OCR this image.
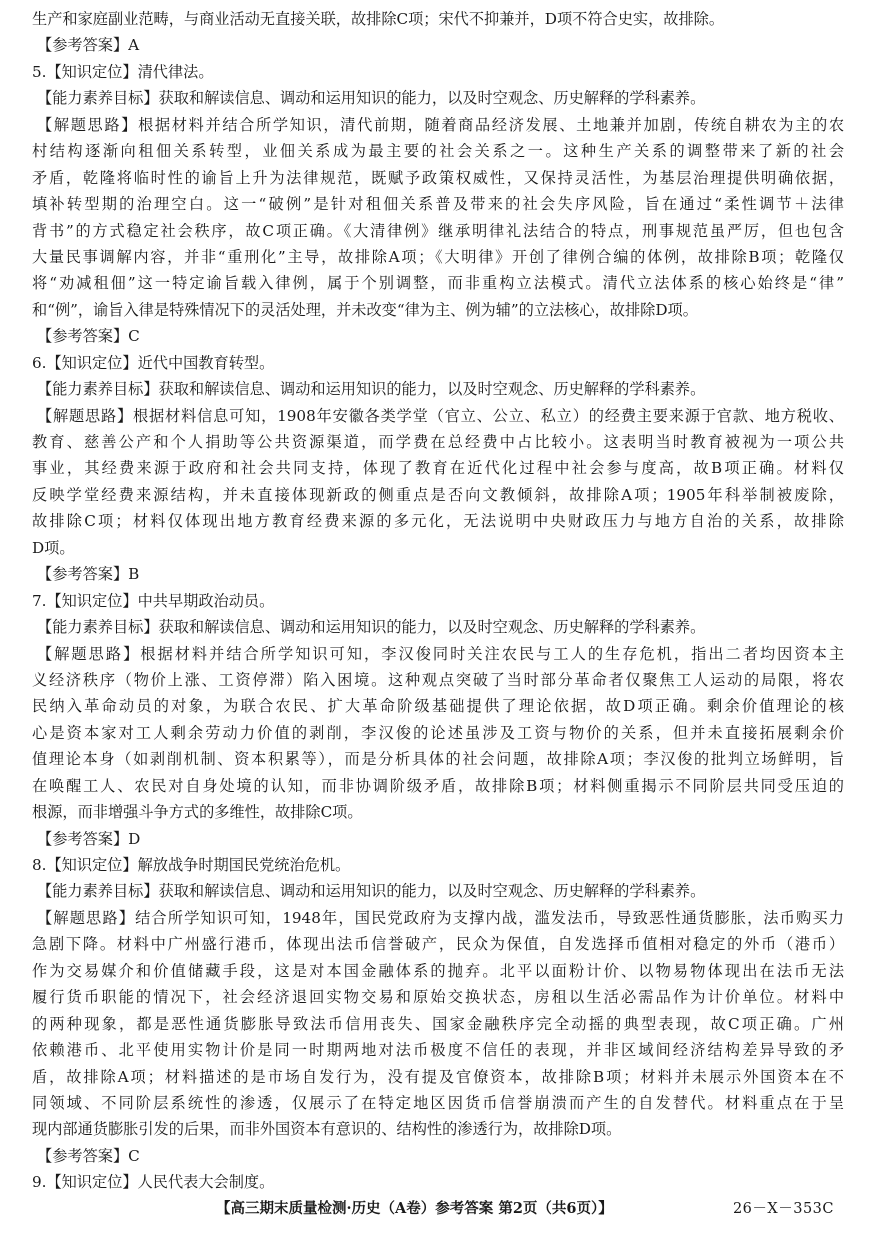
生产和家庭副业范畴，与商业活动无直接关联，故排除C项；宋代不抑兼并，D项不符合史实，故排除。
【参考答案】A
5.【知识定位】清代律法。
【能力素养目标】获取和解读信息、调动和运用知识的能力，以及时空观念、历史解释的学科素养。
【解题思路】根据材料并结合所学知识，清代前期，随着商品经济发展、土地兼并加剧，传统自耕农为主的农
村结构逐渐向租佃关系转型，业佃关系成为最主要的社会关系之一。这种生产关系的调整带来了新的社会
矛盾，乾隆将临时性的谕旨上升为法律规范，既赋予政策权威性，又保持灵活性，为基层治理提供明确依据，
填补转型期的治理空白。这一“破例”是针对租佃关系普及带来的社会失序风险，旨在通过“柔性调节＋法律
背书”的方式稳定社会秩序，故C项正确。《大清律例》继承明律礼法结合的特点，刑事规范虽严厉，但也包含
大量民事调解内容，并非“重刑化”主导，故排除A项；《大明律》开创了律例合编的体例，故排除B项；乾隆仅
将“劝减租佃”这一特定谕旨载入律例，属于个别调整，而非重构立法模式。清代立法体系的核心始终是“律”
和“例”，谕旨入律是特殊情况下的灵活处理，并未改变“律为主、例为辅”的立法核心，故排除D项。
【参考答案】C
6.【知识定位】近代中国教育转型。
【能力素养目标】获取和解读信息、调动和运用知识的能力，以及时空观念、历史解释的学科素养。
【解题思路】根据材料信息可知，1908年安徽各类学堂（官立、公立、私立）的经费主要来源于官款、地方税收、
教育、慈善公产和个人捐助等公共资源渠道，而学费在总经费中占比较小。这表明当时教育被视为一项公共
事业，其经费来源于政府和社会共同支持，体现了教育在近代化过程中社会参与度高，故B项正确。材料仅
反映学堂经费来源结构，并未直接体现新政的侧重点是否向文教倾斜，故排除A项；1905年科举制被废除，
故排除C项；材料仅体现出地方教育经费来源的多元化，无法说明中央财政压力与地方自治的关系，故排除
D项。
【参考答案】B
7.【知识定位】中共早期政治动员。
【能力素养目标】获取和解读信息、调动和运用知识的能力，以及时空观念、历史解释的学科素养。
【解题思路】根据材料并结合所学知识可知，李汉俊同时关注农民与工人的生存危机，指出二者均因资本主
义经济秩序（物价上涨、工资停滞）陷入困境。这种观点突破了当时部分革命者仅聚焦工人运动的局限，将农
民纳入革命动员的对象，为联合农民、扩大革命阶级基础提供了理论依据，故D项正确。剩余价值理论的核
心是资本家对工人剩余劳动力价值的剥削，李汉俊的论述虽涉及工资与物价的关系，但并未直接拓展剩余价
值理论本身（如剥削机制、资本积累等），而是分析具体的社会问题，故排除A项；李汉俊的批判立场鲜明，旨
在唤醒工人、农民对自身处境的认知，而非协调阶级矛盾，故排除B项；材料侧重揭示不同阶层共同受压迫的
根源，而非增强斗争方式的多维性，故排除C项。
【参考答案】D
8.【知识定位】解放战争时期国民党统治危机。
【能力素养目标】获取和解读信息、调动和运用知识的能力，以及时空观念、历史解释的学科素养。
【解题思路】结合所学知识可知，1948年，国民党政府为支撑内战，滥发法币，导致恶性通货膨胀，法币购买力
急剧下降。材料中广州盛行港币，体现出法币信誉破产，民众为保值，自发选择币值相对稳定的外币（港币）
作为交易媒介和价值储藏手段，这是对本国金融体系的抛弃。北平以面粉计价、以物易物体现出在法币无法
履行货币职能的情况下，社会经济退回实物交易和原始交换状态，房租以生活必需品作为计价单位。材料中
的两种现象，都是恶性通货膨胀导致法币信用丧失、国家金融秩序完全动摇的典型表现，故C项正确。广州
依赖港币、北平使用实物计价是同一时期两地对法币极度不信任的表现，并非区域间经济结构差异导致的矛
盾，故排除A项；材料描述的是市场自发行为，没有提及官僚资本，故排除B项；材料并未展示外国资本在不
同领域、不同阶层系统性的渗透，仅展示了在特定地区因货币信誉崩溃而产生的自发替代。材料重点在于呈
现内部通货膨胀引发的后果，而非外国资本有意识的、结构性的渗透行为，故排除D项。
【参考答案】C
9.【知识定位】人民代表大会制度。
【高三期末质量检测·历史（A卷）参考答案 第2页（共6页）】	26－X－353C
